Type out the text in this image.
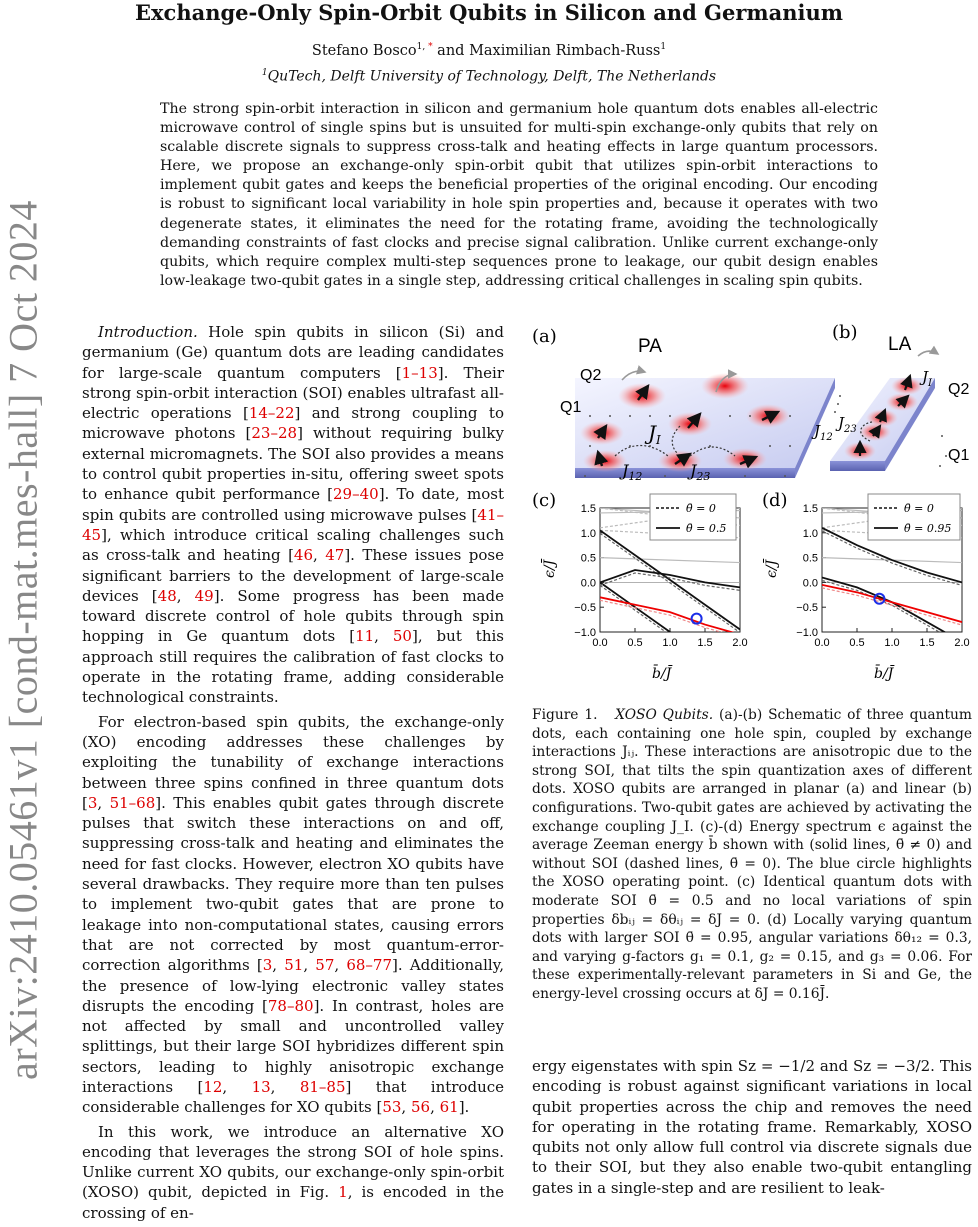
arXiv:2410.05461v1 [cond-mat.mes-hall] 7 Oct 2024
Exchange-Only Spin-Orbit Qubits in Silicon and Germanium
Stefano Bosco$^{1,}$ * and Maximilian Rimbach-Russ$^1$
$^1$QuTech, Delft University of Technology, Delft, The Netherlands
The strong spin-orbit interaction in silicon and germanium hole quantum dots enables all-electric microwave control of single spins but is unsuited for multi-spin exchange-only qubits that rely on scalable discrete signals to suppress cross-talk and heating effects in large quantum processors. Here, we propose an exchange-only spin-orbit qubit that utilizes spin-orbit interactions to implement qubit gates and keeps the beneficial properties of the original encoding. Our encoding is robust to significant local variability in hole spin properties and, because it operates with two degenerate states, it eliminates the need for the rotating frame, avoiding the technologically demanding constraints of fast clocks and precise signal calibration. Unlike current exchange-only qubits, which require complex multi-step sequences prone to leakage, our qubit design enables low-leakage two-qubit gates in a single step, addressing critical challenges in scaling spin qubits.

Introduction. Hole spin qubits in silicon (Si) and germanium (Ge) quantum dots are leading candidates for large-scale quantum computers [1–13]. Their strong spin-orbit interaction (SOI) enables ultrafast all-electric operations [14–22] and strong coupling to microwave photons [23–28] without requiring bulky external micromagnets. The SOI also provides a means to control qubit properties in-situ, offering sweet spots to enhance qubit performance [29–40]. To date, most spin qubits are controlled using microwave pulses [41–45], which introduce critical scaling challenges such as cross-talk and heating [46, 47]. These issues pose significant barriers to the development of large-scale devices [48, 49]. Some progress has been made toward discrete control of hole qubits through spin hopping in Ge quantum dots [11, 50], but this approach still requires the calibration of fast clocks to operate in the rotating frame, adding considerable technological constraints.

For electron-based spin qubits, the exchange-only (XO) encoding addresses these challenges by exploiting the tunability of exchange interactions between three spins confined in three quantum dots [3, 51–68]. This enables qubit gates through discrete pulses that switch these interactions on and off, suppressing cross-talk and heating and eliminates the need for fast clocks. However, electron XO qubits have several drawbacks. They require more than ten pulses to implement two-qubit gates that are prone to leakage into non-computational states, causing errors that are not corrected by most quantum-error-correction algorithms [3, 51, 57, 68–77]. Additionally, the presence of low-lying electronic valley states disrupts the encoding [78–80]. In contrast, holes are not affected by small and uncontrolled valley splittings, but their large SOI hybridizes different spin sectors, leading to highly anisotropic exchange interactions [12, 13, 81–85] that introduce considerable challenges for XO qubits [53, 56, 61].

In this work, we introduce an alternative XO encoding that leverages the strong SOI of hole spins. Unlike current XO qubits, our exchange-only spin-orbit (XOSO) qubit, depicted in Fig. 1, is encoded in the crossing of en-

(a)	PA
Q2
Q1
$J_I$
$J_{12}$	$J_{23}$
(b)
LA
Q2
Q1
$J_I$
$J_{23}$
$J_{12}$
(c)
ϵ/J̄
b̄/J̄
0.0 0.5 1.0 1.5 2.0
1.5
1.0
0.5
0.0
−0.5
−1.0
θ̄ = 0
θ̄ = 0.5
(d)
ϵ/J̄
b̄/J̄
0.0 0.5 1.0 1.5 2.0
1.5
1.0
0.5
0.0
−0.5
−1.0
θ̄ = 0
θ̄ = 0.95

Figure 1. XOSO Qubits. (a)-(b) Schematic of three quantum dots, each containing one hole spin, coupled by exchange interactions Jᵢⱼ. These interactions are anisotropic due to the strong SOI, that tilts the spin quantization axes of different dots. XOSO qubits are arranged in planar (a) and linear (b) configurations. Two-qubit gates are achieved by activating the exchange coupling J_I. (c)-(d) Energy spectrum ϵ against the average Zeeman energy b̄ shown with (solid lines, θ̄ ≠ 0) and without SOI (dashed lines, θ̄ = 0). The blue circle highlights the XOSO operating point. (c) Identical quantum dots with moderate SOI θ̄ = 0.5 and no local variations of spin properties δbᵢⱼ = δθᵢⱼ = δJ = 0. (d) Locally varying quantum dots with larger SOI θ̄ = 0.95, angular variations δθ₁₂ = 0.3, and varying g-factors g₁ = 0.1, g₂ = 0.15, and g₃ = 0.06. For these experimentally-relevant parameters in Si and Ge, the energy-level crossing occurs at δJ = 0.16J̄.

ergy eigenstates with spin Sz = −1/2 and Sz = −3/2. This encoding is robust against significant variations in local qubit properties across the chip and removes the need for operating in the rotating frame. Remarkably, XOSO qubits not only allow full control via discrete signals due to their SOI, but they also enable two-qubit entangling gates in a single-step and are resilient to leak-
